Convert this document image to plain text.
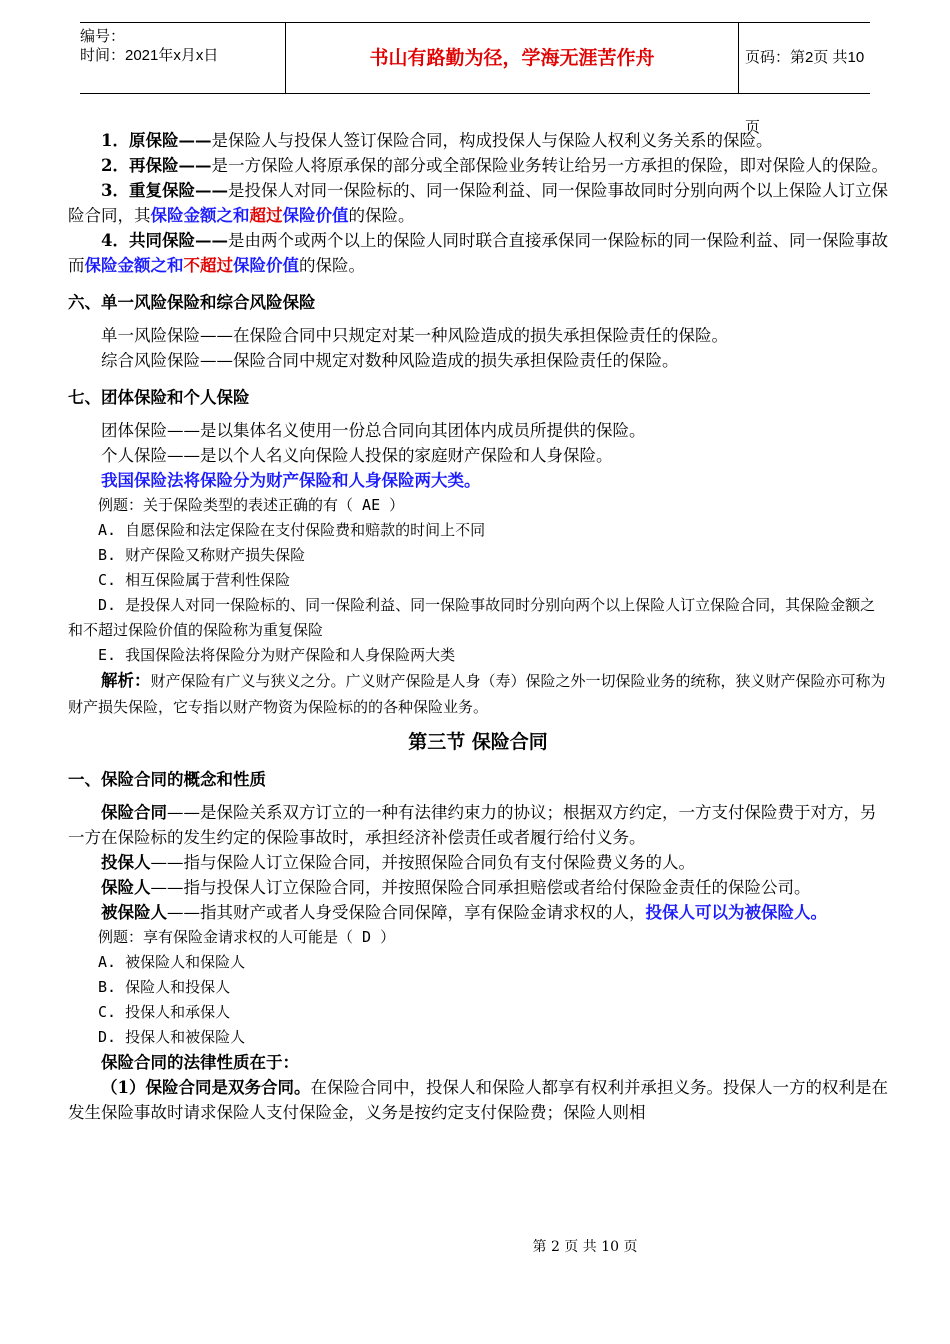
编号：
时间：2021年x月x日	书山有路勤为径，学海无涯苦作舟	页码：第2页 共10页

1．原保险——是保险人与投保人签订保险合同，构成投保人与保险人权利义务关系的保险。

2．再保险——是一方保险人将原承保的部分或全部保险业务转让给另一方承担的保险，即对保险人的保险。

3．重复保险——是投保人对同一保险标的、同一保险利益、同一保险事故同时分别向两个以上保险人订立保险合同，其保险金额之和超过保险价值的保险。

4．共同保险——是由两个或两个以上的保险人同时联合直接承保同一保险标的同一保险利益、同一保险事故而保险金额之和不超过保险价值的保险。

六、单一风险保险和综合风险保险

单一风险保险——在保险合同中只规定对某一种风险造成的损失承担保险责任的保险。

综合风险保险——保险合同中规定对数种风险造成的损失承担保险责任的保险。

七、团体保险和个人保险

团体保险——是以集体名义使用一份总合同向其团体内成员所提供的保险。

个人保险——是以个人名义向保险人投保的家庭财产保险和人身保险。

我国保险法将保险分为财产保险和人身保险两大类。

例题：关于保险类型的表述正确的有（ AE ）

A. 自愿保险和法定保险在支付保险费和赔款的时间上不同

B. 财产保险又称财产损失保险

C. 相互保险属于营利性保险

D. 是投保人对同一保险标的、同一保险利益、同一保险事故同时分别向两个以上保险人订立保险合同，其保险金额之和不超过保险价值的保险称为重复保险

E. 我国保险法将保险分为财产保险和人身保险两大类

解析：财产保险有广义与狭义之分。广义财产保险是人身（寿）保险之外一切保险业务的统称，狭义财产保险亦可称为财产损失保险，它专指以财产物资为保险标的的各种保险业务。

第三节 保险合同
一、保险合同的概念和性质

保险合同——是保险关系双方订立的一种有法律约束力的协议；根据双方约定，一方支付保险费于对方，另一方在保险标的发生约定的保险事故时，承担经济补偿责任或者履行给付义务。

投保人——指与保险人订立保险合同，并按照保险合同负有支付保险费义务的人。

保险人——指与投保人订立保险合同，并按照保险合同承担赔偿或者给付保险金责任的保险公司。

被保险人——指其财产或者人身受保险合同保障，享有保险金请求权的人，投保人可以为被保险人。

例题：享有保险金请求权的人可能是（ D ）

A. 被保险人和保险人

B. 保险人和投保人

C. 投保人和承保人

D. 投保人和被保险人

保险合同的法律性质在于：

（1）保险合同是双务合同。在保险合同中，投保人和保险人都享有权利并承担义务。投保人一方的权利是在发生保险事故时请求保险人支付保险金，义务是按约定支付保险费；保险人则相

第 2 页 共 10 页
